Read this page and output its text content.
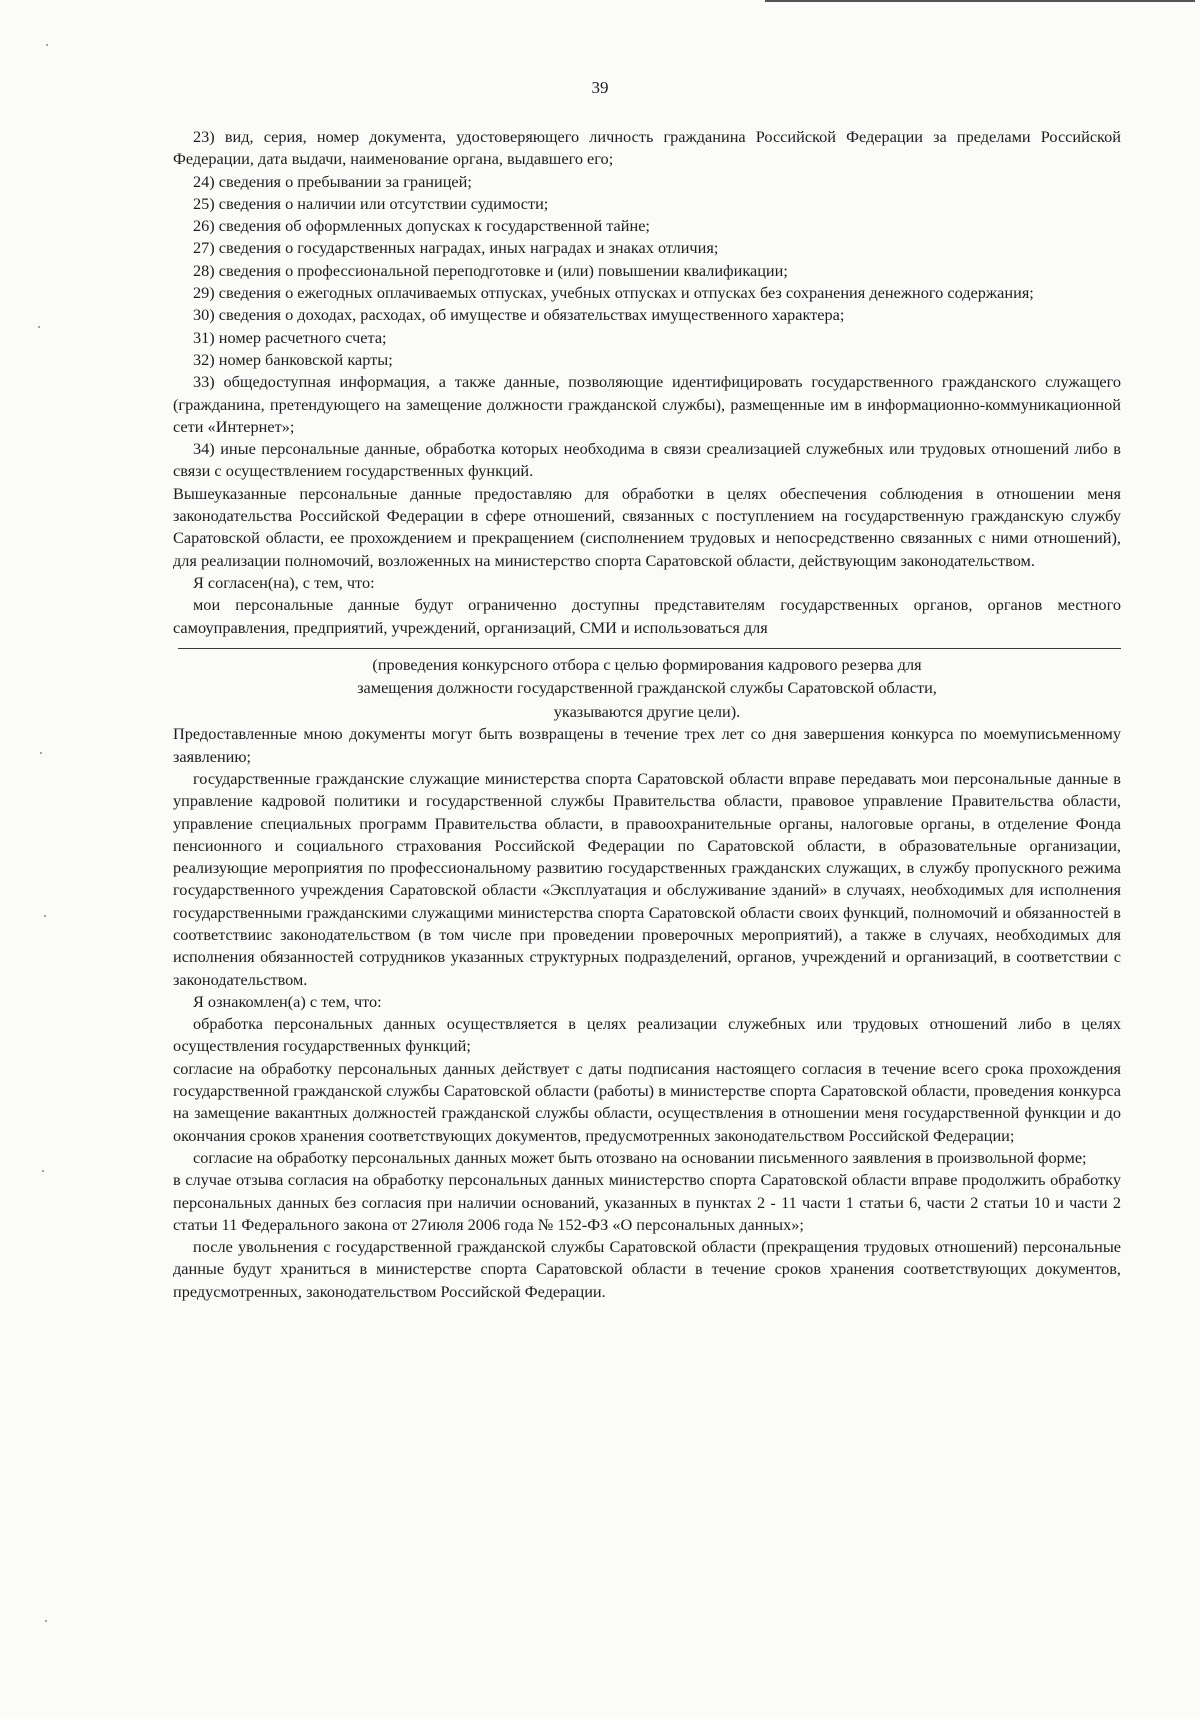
39

23) вид, серия, номер документа, удостоверяющего личность гражданина Российской Федерации за пределами Российской Федерации, дата выдачи, наименование органа, выдавшего его;

24) сведения о пребывании за границей;

25) сведения о наличии или отсутствии судимости;

26) сведения об оформленных допусках к государственной тайне;

27) сведения о государственных наградах, иных наградах и знаках отличия;

28) сведения о профессиональной переподготовке и (или) повышении квалификации;

29) сведения о ежегодных оплачиваемых отпусках, учебных отпусках и отпусках без сохранения денежного содержания;

30) сведения о доходах, расходах, об имуществе и обязательствах имущественного характера;

31) номер расчетного счета;

32) номер банковской карты;

33) общедоступная информация, а также данные, позволяющие идентифицировать государственного гражданского служащего (гражданина, претендующего на замещение должности гражданской службы), размещенные им в информационно-коммуникационной сети «Интернет»;

34) иные персональные данные, обработка которых необходима в связи среализацией служебных или трудовых отношений либо в связи с осуществлением государственных функций.

Вышеуказанные персональные данные предоставляю для обработки в целях обеспечения соблюдения в отношении меня законодательства Российской Федерации в сфере отношений, связанных с поступлением на государственную гражданскую службу Саратовской области, ее прохождением и прекращением (сисполнением трудовых и непосредственно связанных с ними отношений), для реализации полномочий, возложенных на министерство спорта Саратовской области, действующим законодательством.

Я согласен(на), с тем, что:

мои персональные данные будут ограниченно доступны представителям государственных органов, органов местного самоуправления, предприятий, учреждений, организаций, СМИ и использоваться для

(проведения конкурсного отбора с целью формирования кадрового резерва для
замещения должности государственной гражданской службы Саратовской области,
указываются другие цели).

Предоставленные мною документы могут быть возвращены в течение трех лет со дня завершения конкурса по моемуписьменному заявлению;

государственные гражданские служащие министерства спорта Саратовской области вправе передавать мои персональные данные в управление кадровой политики и государственной службы Правительства области, правовое управление Правительства области, управление специальных программ Правительства области, в правоохранительные органы, налоговые органы, в отделение Фонда пенсионного и социального страхования Российской Федерации по Саратовской области, в образовательные организации, реализующие мероприятия по профессиональному развитию государственных гражданских служащих, в службу пропускного режима государственного учреждения Саратовской области «Эксплуатация и обслуживание зданий» в случаях, необходимых для исполнения государственными гражданскими служащими министерства спорта Саратовской области своих функций, полномочий и обязанностей в соответствиис законодательством (в том числе при проведении проверочных мероприятий), а также в случаях, необходимых для исполнения обязанностей сотрудников указанных структурных подразделений, органов, учреждений и организаций, в соответствии с законодательством.

Я ознакомлен(а) с тем, что:

обработка персональных данных осуществляется в целях реализации служебных или трудовых отношений либо в целях осуществления государственных функций;

согласие на обработку персональных данных действует с даты подписания настоящего согласия в течение всего срока прохождения государственной гражданской службы Саратовской области (работы) в министерстве спорта Саратовской области, проведения конкурса на замещение вакантных должностей гражданской службы области, осуществления в отношении меня государственной функции и до окончания сроков хранения соответствующих документов, предусмотренных законодательством Российской Федерации;

согласие на обработку персональных данных может быть отозвано на основании письменного заявления в произвольной форме;

в случае отзыва согласия на обработку персональных данных министерство спорта Саратовской области вправе продолжить обработку персональных данных без согласия при наличии оснований, указанных в пунктах 2 - 11 части 1 статьи 6, части 2 статьи 10 и части 2 статьи 11 Федерального закона от 27июля 2006 года № 152-ФЗ «О персональных данных»;

после увольнения с государственной гражданской службы Саратовской области (прекращения трудовых отношений) персональные данные будут храниться в министерстве спорта Саратовской области в течение сроков хранения соответствующих документов, предусмотренных, законодательством Российской Федерации.
